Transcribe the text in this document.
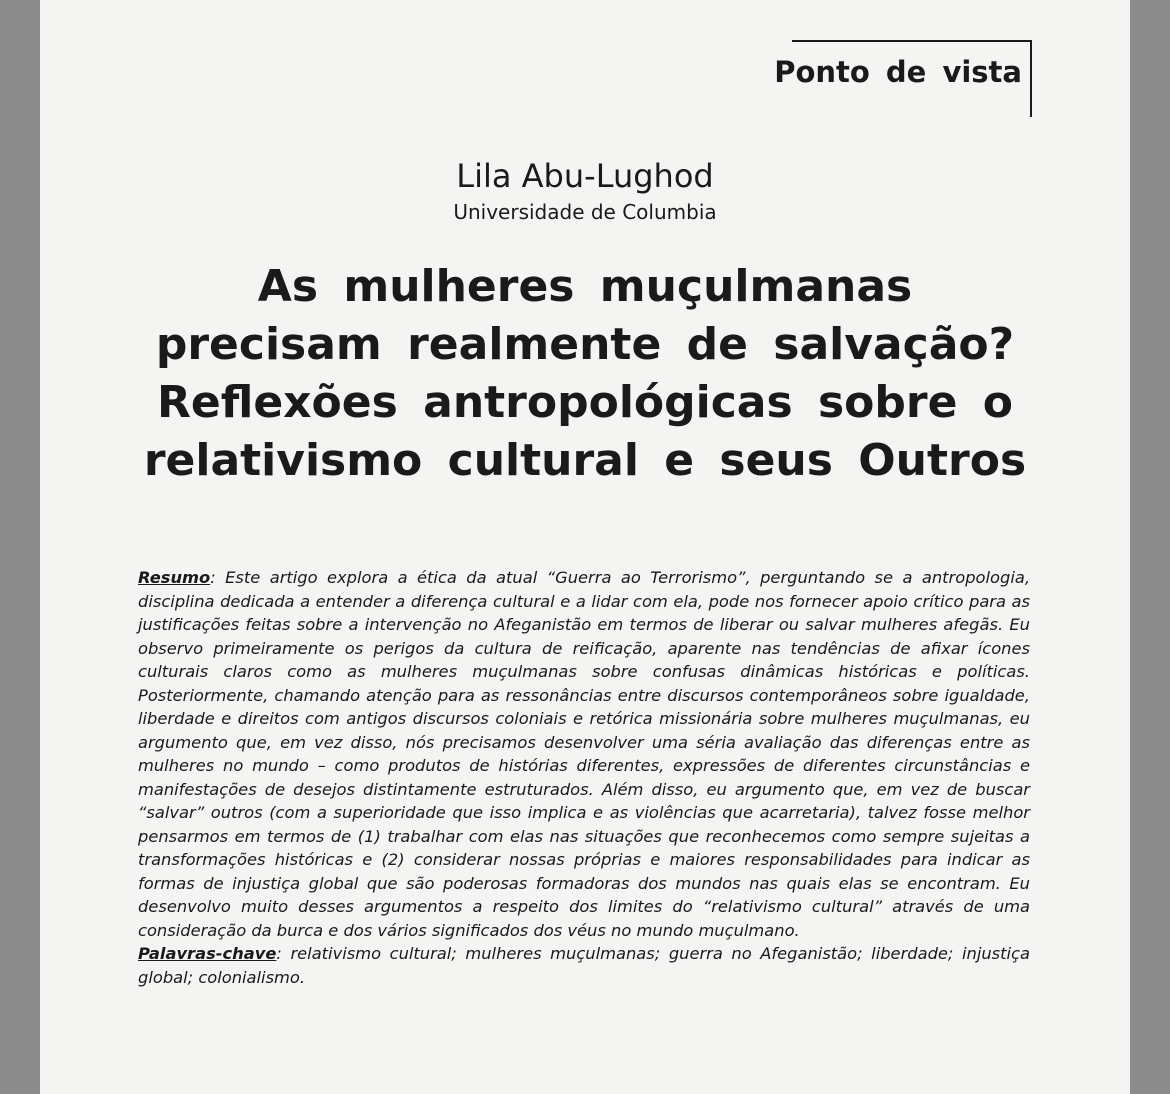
Ponto de vista
Lila Abu-Lughod
Universidade de Columbia
As mulheres muçulmanas
precisam realmente de salvação?
Reflexões antropológicas sobre o
relativismo cultural e seus Outros

Resumo: Este artigo explora a ética da atual “Guerra ao Terrorismo”, perguntando se a antropologia, disciplina dedicada a entender a diferença cultural e a lidar com ela, pode nos fornecer apoio crítico para as justificações feitas sobre a intervenção no Afeganistão em termos de liberar ou salvar mulheres afegãs. Eu observo primeiramente os perigos da cultura de reificação, aparente nas tendências de afixar ícones culturais claros como as mulheres muçulmanas sobre confusas dinâmicas históricas e políticas. Posteriormente, chamando atenção para as ressonâncias entre discursos contemporâneos sobre igualdade, liberdade e direitos com antigos discursos coloniais e retórica missionária sobre mulheres muçulmanas, eu argumento que, em vez disso, nós precisamos desenvolver uma séria avaliação das diferenças entre as mulheres no mundo – como produtos de histórias diferentes, expressões de diferentes circunstâncias e manifestações de desejos distintamente estruturados. Além disso, eu argumento que, em vez de buscar “salvar” outros (com a superioridade que isso implica e as violências que acarretaria), talvez fosse melhor pensarmos em termos de (1) trabalhar com elas nas situações que reconhecemos como sempre sujeitas a transformações históricas e (2) considerar nossas próprias e maiores responsabilidades para indicar as formas de injustiça global que são poderosas formadoras dos mundos nas quais elas se encontram. Eu desenvolvo muito desses argumentos a respeito dos limites do “relativismo cultural” através de uma consideração da burca e dos vários significados dos véus no mundo muçulmano.

Palavras-chave: relativismo cultural; mulheres muçulmanas; guerra no Afeganistão; liberdade; injustiça global; colonialismo.
